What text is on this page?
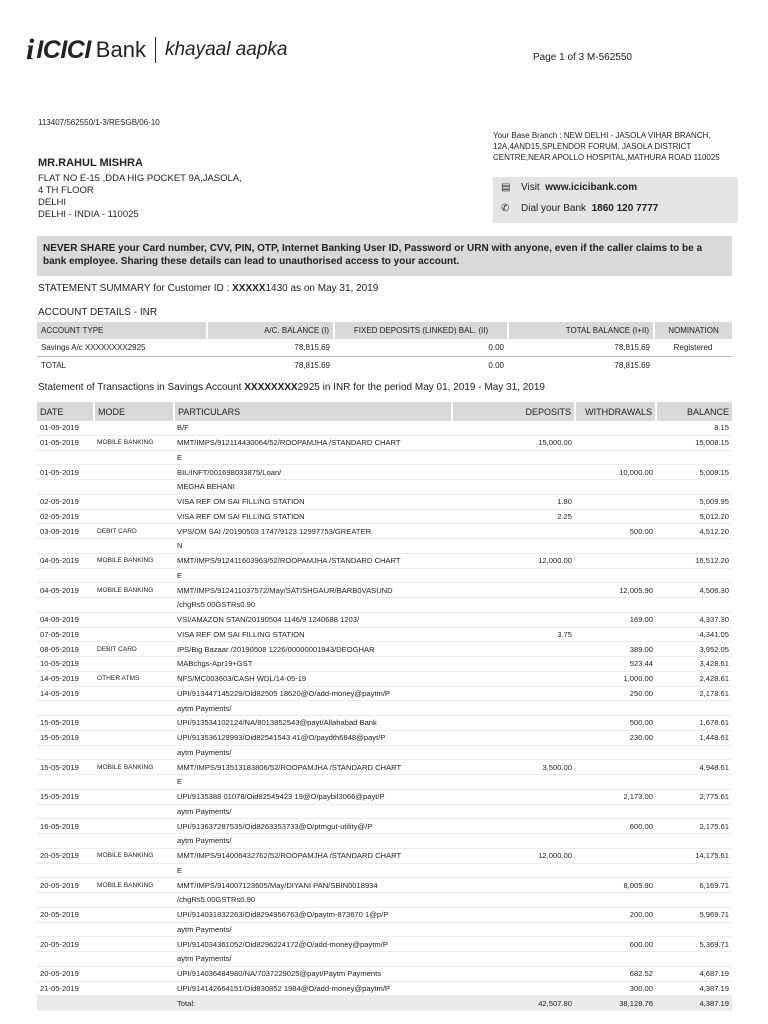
i ICICI Bank khayaal aapka	Page 1 of 3 M-562550
113407/562550/1-3/RESGB/06-10
Your Base Branch : NEW DELHI - JASOLA VIHAR BRANCH, 12A,4AND15,SPLENDOR FORUM, JASOLA DISTRICT CENTRE,NEAR APOLLO HOSPITAL,MATHURA ROAD 110025
MR.RAHUL MISHRA
FLAT NO E-15 ,DDA HIG POCKET 9A,JASOLA,
4 TH FLOOR
DELHI
DELHI - INDIA - 110025
▤	Visit
www.icicibank.com
✆	Dial your Bank
1860 120 7777
NEVER SHARE your Card number, CVV, PIN, OTP, Internet Banking User ID, Password or URN with anyone, even if the caller claims to be a bank employee. Sharing these details can lead to unauthorised access to your account.
STATEMENT SUMMARY for Customer ID : XXXXX1430 as on May 31, 2019
ACCOUNT DETAILS - INR
ACCOUNT TYPE	A/C. BALANCE (I)	FIXED DEPOSITS (LINKED) BAL. (II)	TOTAL BALANCE (I+II)	NOMINATION
Savings A/c XXXXXXXX2925	78,815.69	0.00	78,815.69	Registered
TOTAL	78,815.69	0.00	78,815.69	
Statement of Transactions in Savings Account XXXXXXXX2925 in INR for the period May 01, 2019 - May 31, 2019
DATE	MODE	PARTICULARS	DEPOSITS	WITHDRAWALS	BALANCE
01-05-2019		B/F			8.15
01-05-2019	MOBILE BANKING	MMT/IMPS/912114430064/52/ROOPAMJHA /STANDARD CHART	15,000.00		15,008.15
		E			
01-05-2019		BIL/INFT/001698033875/Loan/		10,000.00	5,008.15
		MEGHA BEHANI			
02-05-2019		VISA REF OM SAI FILLING STATION	1.80		5,009.95
02-05-2019		VISA REF OM SAI FILLING STATION	2.25		5,012.20
03-05-2019	DEBIT CARD	VPS/OM SAI /20190503 1747/9123 12997753/GREATER		500.00	4,512.20
		N			
04-05-2019	MOBILE BANKING	MMT/IMPS/912411603963/52/ROOPAMJHA /STANDARD CHART	12,000.00		16,512.20
		E			
04-05-2019	MOBILE BANKING	MMT/IMPS/912411037572/May/SATISHGAUR/BARB0VASUND		12,005.90	4,506.30
		/chgRs5.00GSTRs0.90			
04-05-2019		VSI/AMAZON STAN/20190504 1146/9 1240688 1203/		169.00	4,337.30
07-05-2019		VISA REF OM SAI FILLING STATION	3.75		4,341.05
08-05-2019	DEBIT CARD	IPS/Big Bazaar /20190508 1226/00000001943/DEOGHAR		389.00	3,952.05
10-05-2019		MABchgs-Apr19+GST		523.44	3,428.61
14-05-2019	OTHER ATMS	NFS/MC003603/CASH WDL/14-05-19		1,000.00	2,428.61
14-05-2019		UPI/913447145229/Oid82505 18620@O/add-money@paytm/P		250.00	2,178.61
		aytm Payments/			
15-05-2019		UPI/913534102124/NA/8013852543@payt/Allahabad Bank		500.00	1,678.61
15-05-2019		UPI/913536129993/Oid82541543 41@O/paydth6848@payt/P		230.00	1,448.61
		aytm Payments/			
15-05-2019	MOBILE BANKING	MMT/IMPS/913513183806/52/ROOPAMJHA /STANDARD CHART	3,500.00		4,948.61
		E			
15-05-2019		UPI/9135388 01078/Oid82549423 19@O/paybil3066@payt/P		2,173.00	2,775.61
		aytm Payments/			
16-05-2019		UPI/913637287535/Oid8263353733@O/ptmgut-utility@/P		600.00	2,175.61
		aytm Payments/			
20-05-2019	MOBILE BANKING	MMT/IMPS/914006432762/52/ROOPAMJHA /STANDARD CHART	12,000.00		14,175.61
		E			
20-05-2019	MOBILE BANKING	MMT/IMPS/914007123605/May/DIYANI PAN/SBIN0018934		8,005.90	6,169.71
		/chgRs5.00GSTRs0.90			
20-05-2019		UPI/914031832263/Oid8294956763@O/paytm-873670 1@p/P		200.00	5,969.71
		aytm Payments/			
20-05-2019		UPI/914034361052/Oid8296224172@O/add-money@paytm/P		600.00	5,369.71
		aytm Payments/			
20-05-2019		UPI/914036484980/NA/7037229025@payt/Paytm Payments		682.52	4,687.19
21-05-2019		UPI/914142664151/Oid830852 1984@O/add-money@paytm/P		300.00	4,387.19
		Total:	42,507.80	38,128.76	4,387.19
